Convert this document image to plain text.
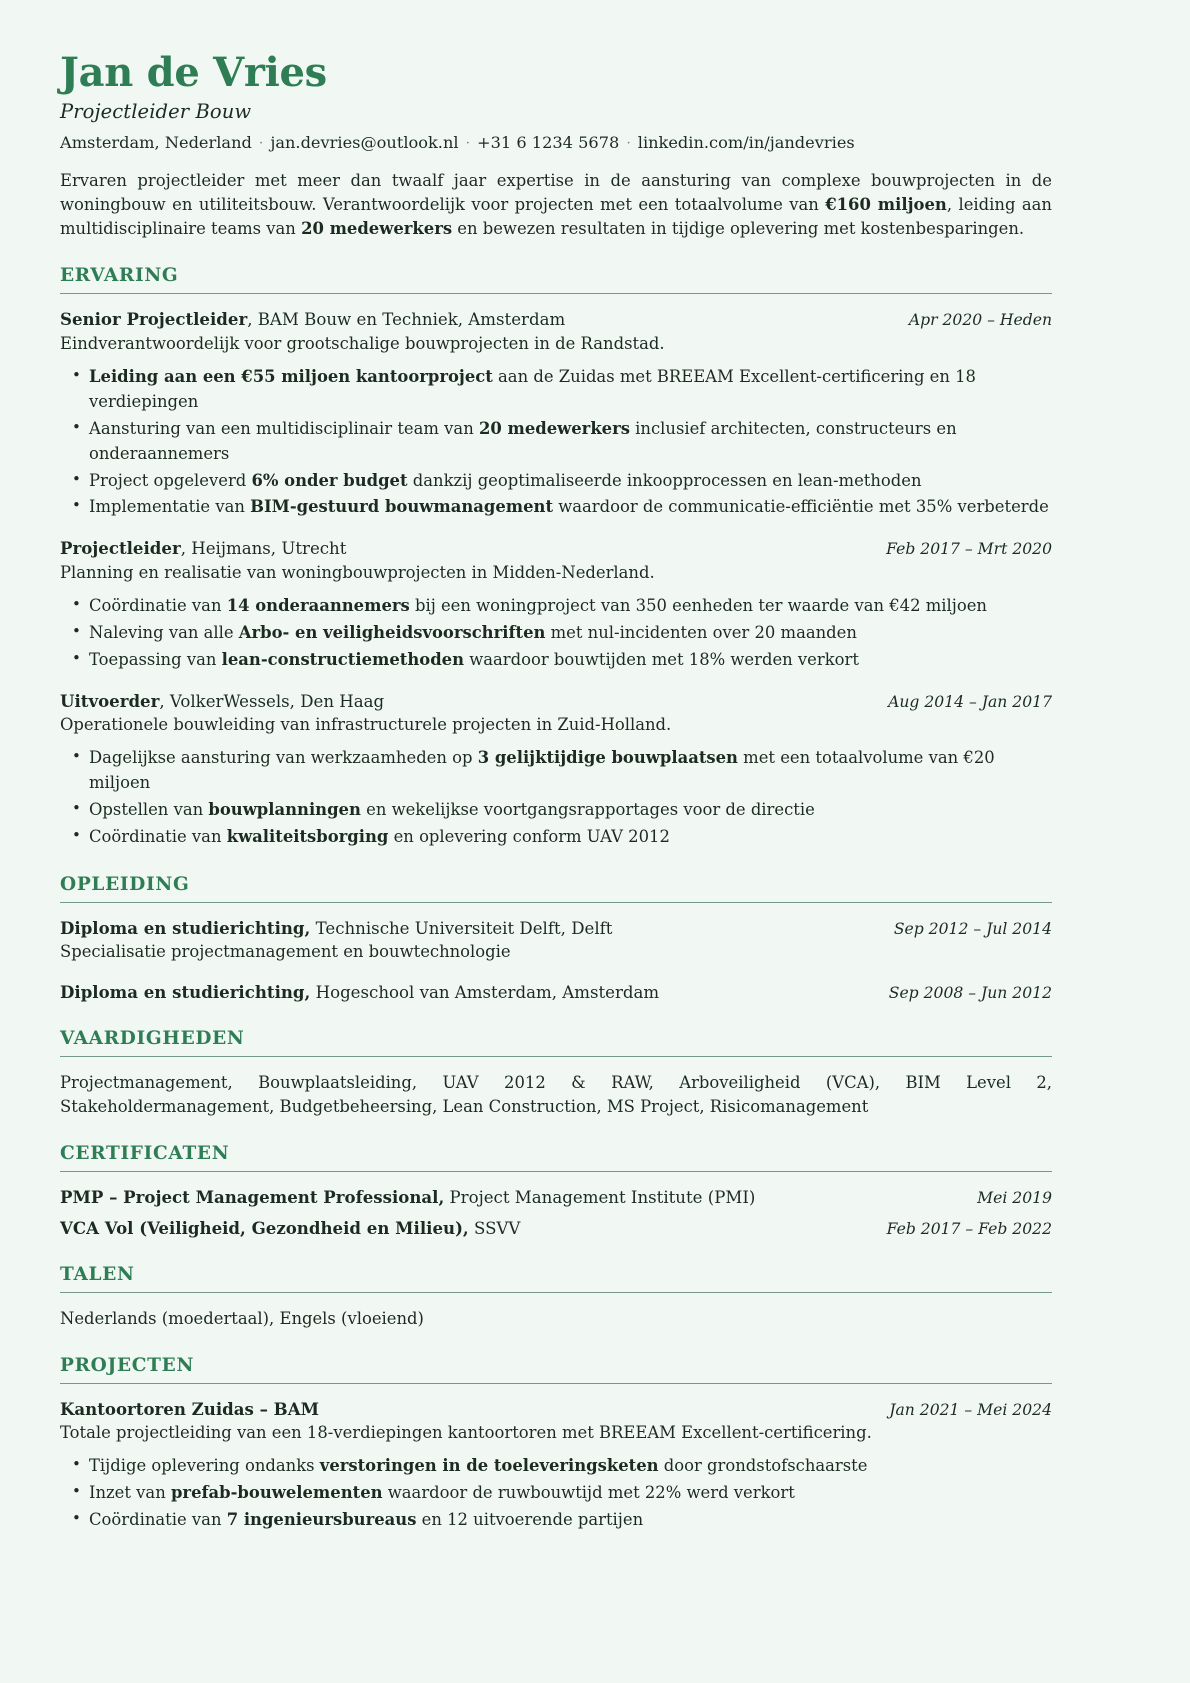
Jan de Vries
Projectleider Bouw
Amsterdam, Nederland · jan.devries@outlook.nl · +31 6 1234 5678 · linkedin.com/in/jandevries

Ervaren projectleider met meer dan twaalf jaar expertise in de aansturing van complexe bouwprojecten in de woningbouw en utiliteitsbouw. Verantwoordelijk voor projecten met een totaalvolume van €160 miljoen, leiding aan multidisciplinaire teams van 20 medewerkers en bewezen resultaten in tijdige oplevering met kostenbesparingen.

ERVARING
Senior Projectleider, BAM Bouw en Techniek, Amsterdam	Apr 2020 – Heden
Eindverantwoordelijk voor grootschalige bouwprojecten in de Randstad.
• Leiding aan een €55 miljoen kantoorproject aan de Zuidas met BREEAM Excellent-certificering en 18 verdiepingen
• Aansturing van een multidisciplinair team van 20 medewerkers inclusief architecten, constructeurs en onderaannemers
• Project opgeleverd 6% onder budget dankzij geoptimaliseerde inkoopprocessen en lean-methoden
• Implementatie van BIM-gestuurd bouwmanagement waardoor de communicatie-efficiëntie met 35% verbeterde
Projectleider, Heijmans, Utrecht	Feb 2017 – Mrt 2020
Planning en realisatie van woningbouwprojecten in Midden-Nederland.
• Coördinatie van 14 onderaannemers bij een woningproject van 350 eenheden ter waarde van €42 miljoen
• Naleving van alle Arbo- en veiligheidsvoorschriften met nul-incidenten over 20 maanden
• Toepassing van lean-constructiemethoden waardoor bouwtijden met 18% werden verkort
Uitvoerder, VolkerWessels, Den Haag	Aug 2014 – Jan 2017
Operationele bouwleiding van infrastructurele projecten in Zuid-Holland.
• Dagelijkse aansturing van werkzaamheden op 3 gelijktijdige bouwplaatsen met een totaalvolume van €20 miljoen
• Opstellen van bouwplanningen en wekelijkse voortgangsrapportages voor de directie
• Coördinatie van kwaliteitsborging en oplevering conform UAV 2012
OPLEIDING
Diploma en studierichting, Technische Universiteit Delft, Delft	Sep 2012 – Jul 2014
Specialisatie projectmanagement en bouwtechnologie
Diploma en studierichting, Hogeschool van Amsterdam, Amsterdam	Sep 2008 – Jun 2012
VAARDIGHEDEN

Projectmanagement, Bouwplaatsleiding, UAV 2012 & RAW, Arboveiligheid (VCA), BIM Level 2, Stakeholdermanagement, Budgetbeheersing, Lean Construction, MS Project, Risicomanagement

CERTIFICATEN
PMP – Project Management Professional, Project Management Institute (PMI)	Mei 2019
VCA Vol (Veiligheid, Gezondheid en Milieu), SSVV	Feb 2017 – Feb 2022
TALEN

Nederlands (moedertaal), Engels (vloeiend)

PROJECTEN
Kantoortoren Zuidas – BAM	Jan 2021 – Mei 2024
Totale projectleiding van een 18-verdiepingen kantoortoren met BREEAM Excellent-certificering.
• Tijdige oplevering ondanks verstoringen in de toeleveringsketen door grondstofschaarste
• Inzet van prefab-bouwelementen waardoor de ruwbouwtijd met 22% werd verkort
• Coördinatie van 7 ingenieursbureaus en 12 uitvoerende partijen
